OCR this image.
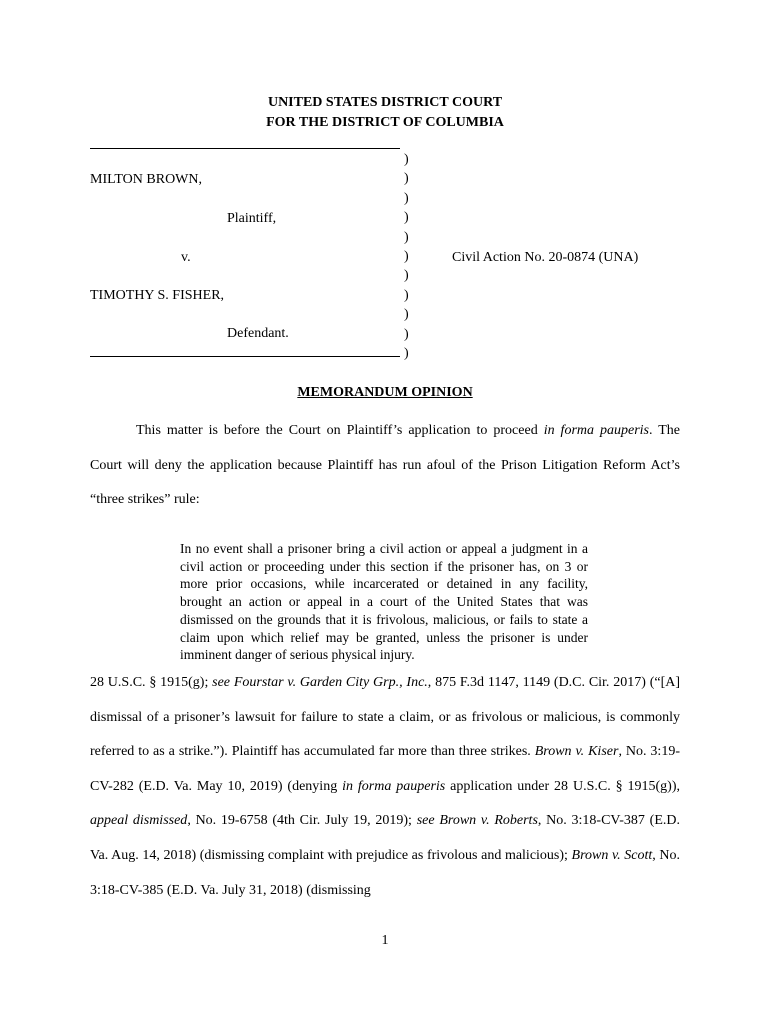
UNITED STATES DISTRICT COURT
FOR THE DISTRICT OF COLUMBIA
MILTON BROWN,
Plaintiff,
v.
TIMOTHY S. FISHER,
Defendant.
)
)
)
)
)
)
)
)
)
)
)
Civil Action No. 20-0874 (UNA)
MEMORANDUM OPINION

This matter is before the Court on Plaintiff’s application to proceed in forma pauperis. The Court will deny the application because Plaintiff has run afoul of the Prison Litigation Reform Act’s “three strikes” rule:

In no event shall a prisoner bring a civil action or appeal a judgment in a civil action or proceeding under this section if the prisoner has, on 3 or more prior occasions, while incarcerated or detained in any facility, brought an action or appeal in a court of the United States that was dismissed on the grounds that it is frivolous, malicious, or fails to state a claim upon which relief may be granted, unless the prisoner is under imminent danger of serious physical injury.

28 U.S.C. § 1915(g); see Fourstar v. Garden City Grp., Inc., 875 F.3d 1147, 1149 (D.C. Cir. 2017) (“[A] dismissal of a prisoner’s lawsuit for failure to state a claim, or as frivolous or malicious, is commonly referred to as a strike.”). Plaintiff has accumulated far more than three strikes. Brown v. Kiser, No. 3:19-CV-282 (E.D. Va. May 10, 2019) (denying in forma pauperis application under 28 U.S.C. § 1915(g)), appeal dismissed, No. 19-6758 (4th Cir. July 19, 2019); see Brown v. Roberts, No. 3:18-CV-387 (E.D. Va. Aug. 14, 2018) (dismissing complaint with prejudice as frivolous and malicious); Brown v. Scott, No. 3:18-CV-385 (E.D. Va. July 31, 2018) (dismissing

1
